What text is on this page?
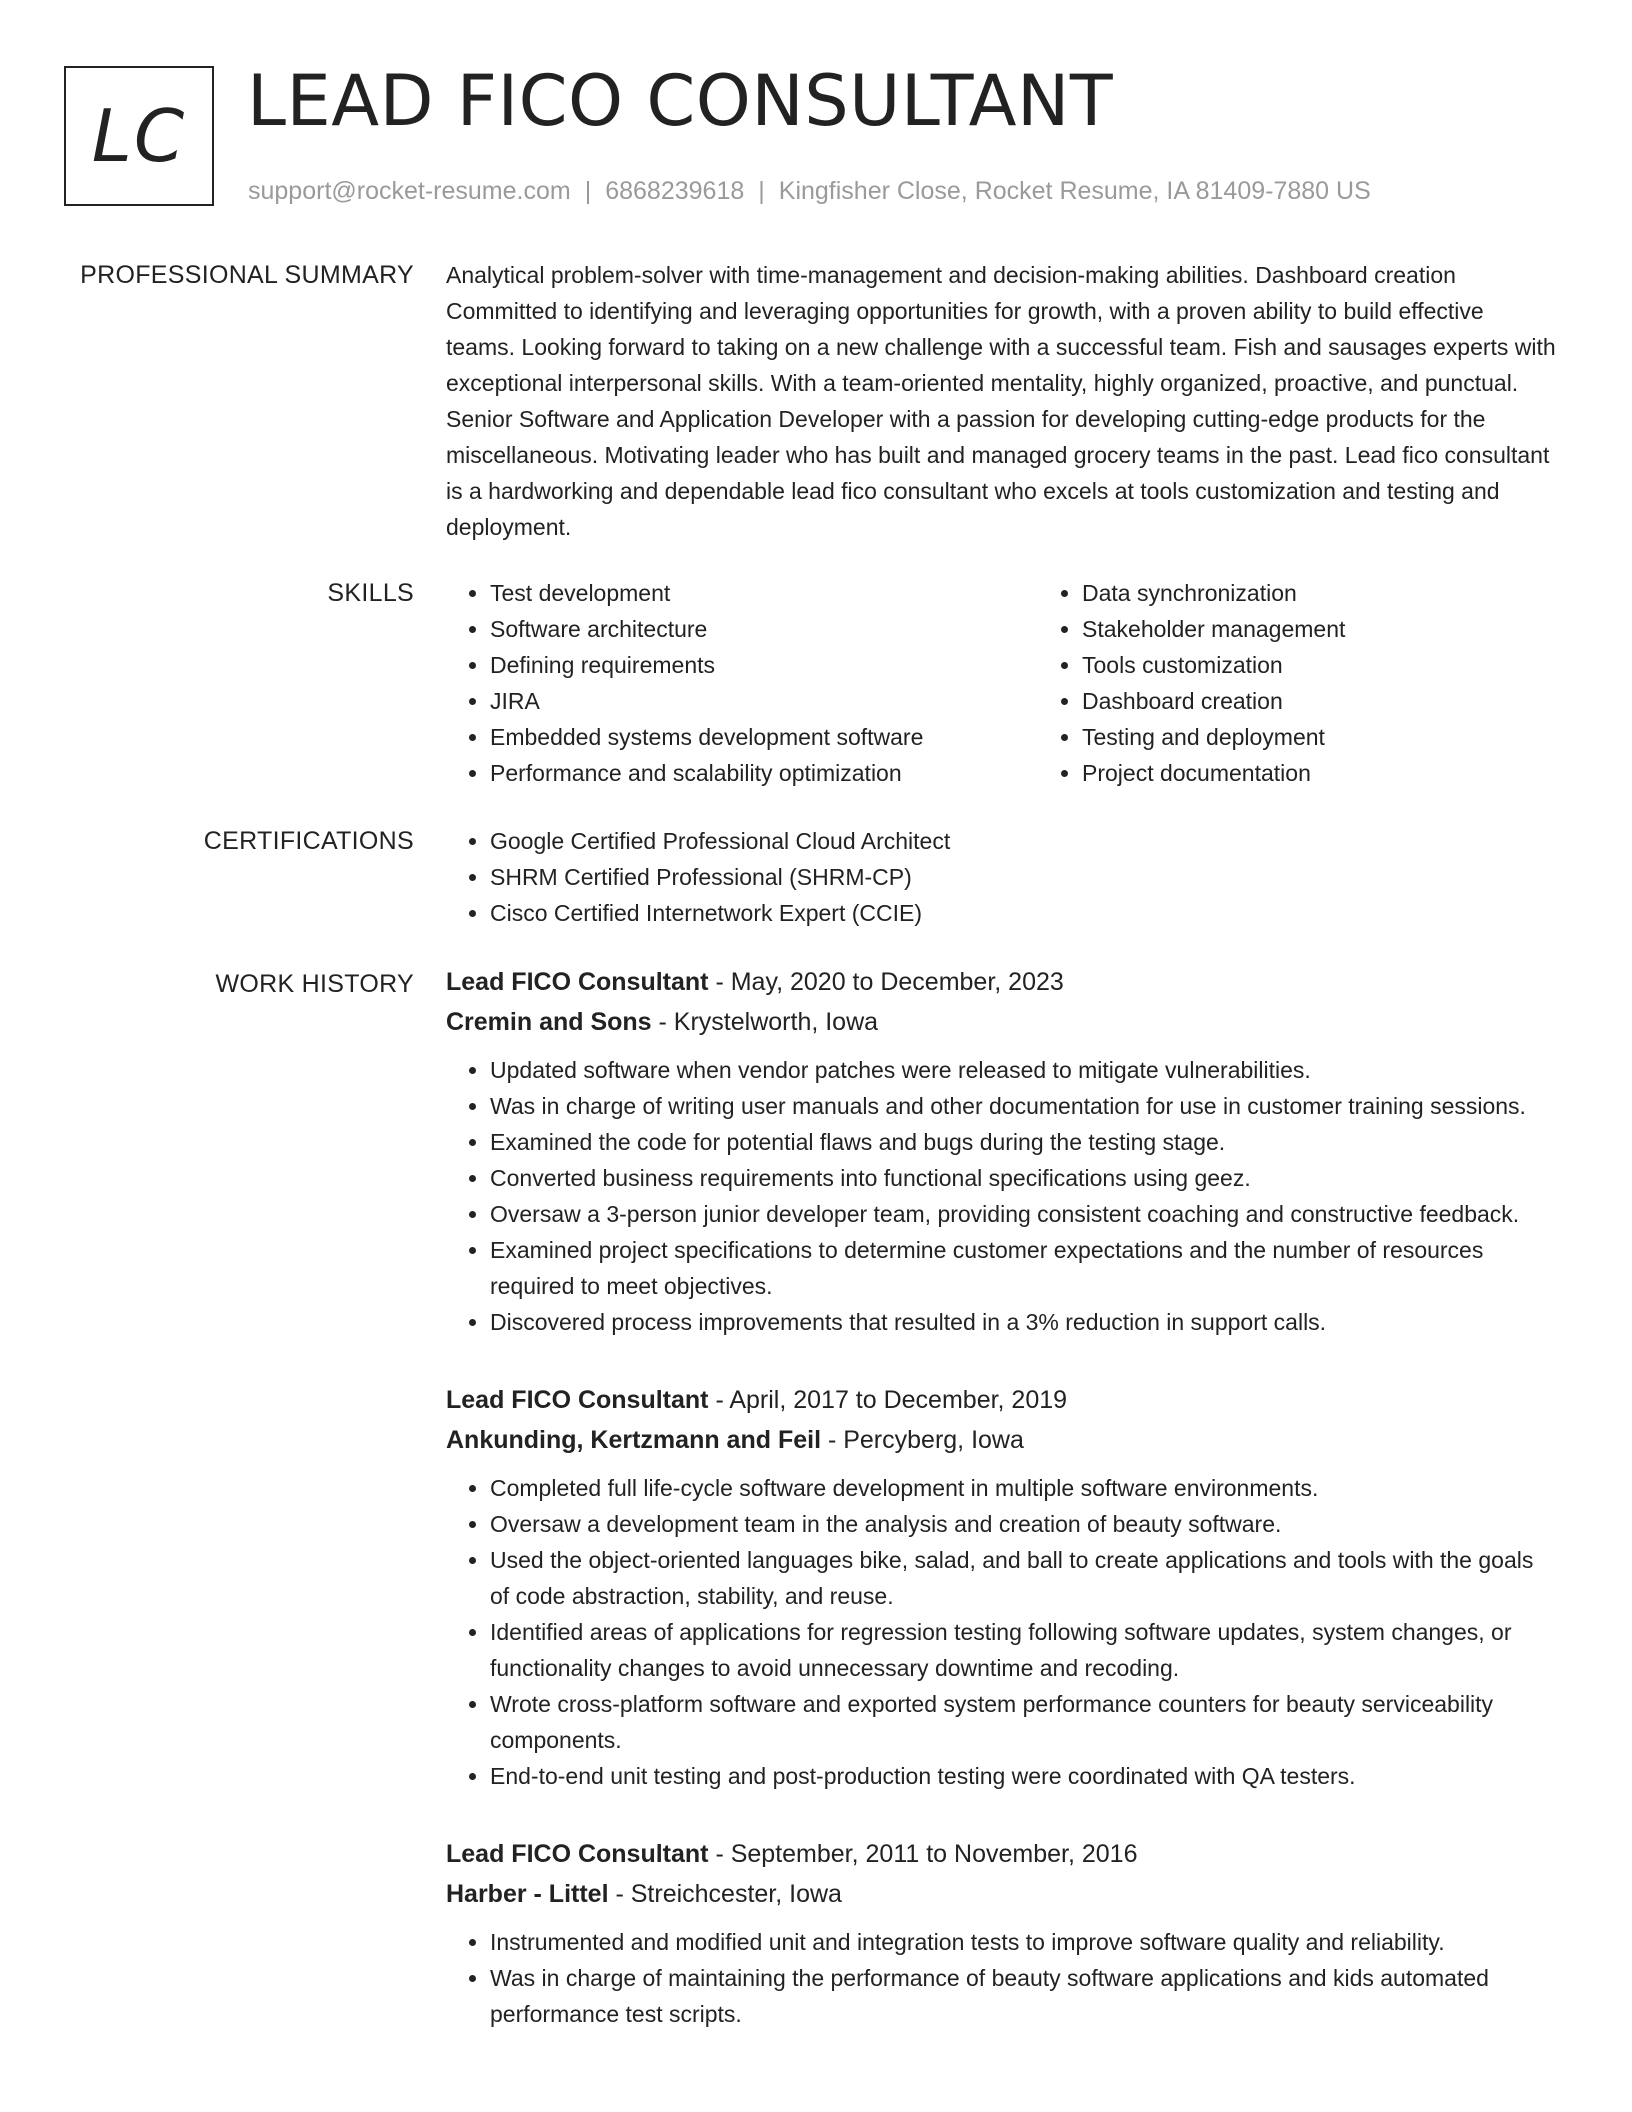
LC LEAD FICO CONSULTANT
support@rocket-resume.com | 6868239618 | Kingfisher Close, Rocket Resume, IA 81409-7880 US
PROFESSIONAL SUMMARY Analytical problem-solver with time-management and decision-making abilities. Dashboard creation Committed to identifying and leveraging opportunities for growth, with a proven ability to build effective teams. Looking forward to taking on a new challenge with a successful team. Fish and sausages experts with exceptional interpersonal skills. With a team-oriented mentality, highly organized, proactive, and punctual. Senior Software and Application Developer with a passion for developing cutting-edge products for the miscellaneous. Motivating leader who has built and managed grocery teams in the past. Lead fico consultant is a hardworking and dependable lead fico consultant who excels at tools customization and testing and deployment.
SKILLS	• Test development
• Software architecture
• Defining requirements
• JIRA
• Embedded systems development software
• Performance and scalability optimization
• Data synchronization
• Stakeholder management
• Tools customization
• Dashboard creation
• Testing and deployment
• Project documentation
CERTIFICATIONS	• Google Certified Professional Cloud Architect
• SHRM Certified Professional (SHRM-CP)
• Cisco Certified Internetwork Expert (CCIE)
WORK HISTORY Lead FICO Consultant - May, 2020 to December, 2023
Cremin and Sons - Krystelworth, Iowa
• Updated software when vendor patches were released to mitigate vulnerabilities.
• Was in charge of writing user manuals and other documentation for use in customer training sessions.
• Examined the code for potential flaws and bugs during the testing stage.
• Converted business requirements into functional specifications using geez.
• Oversaw a 3-person junior developer team, providing consistent coaching and constructive feedback.
• Examined project specifications to determine customer expectations and the number of resources required to meet objectives.
• Discovered process improvements that resulted in a 3% reduction in support calls.
Lead FICO Consultant - April, 2017 to December, 2019
Ankunding, Kertzmann and Feil - Percyberg, Iowa
• Completed full life-cycle software development in multiple software environments.
• Oversaw a development team in the analysis and creation of beauty software.
• Used the object-oriented languages bike, salad, and ball to create applications and tools with the goals of code abstraction, stability, and reuse.
• Identified areas of applications for regression testing following software updates, system changes, or functionality changes to avoid unnecessary downtime and recoding.
• Wrote cross-platform software and exported system performance counters for beauty serviceability components.
• End-to-end unit testing and post-production testing were coordinated with QA testers.
Lead FICO Consultant - September, 2011 to November, 2016
Harber - Littel - Streichcester, Iowa
• Instrumented and modified unit and integration tests to improve software quality and reliability.
• Was in charge of maintaining the performance of beauty software applications and kids automated performance test scripts.
